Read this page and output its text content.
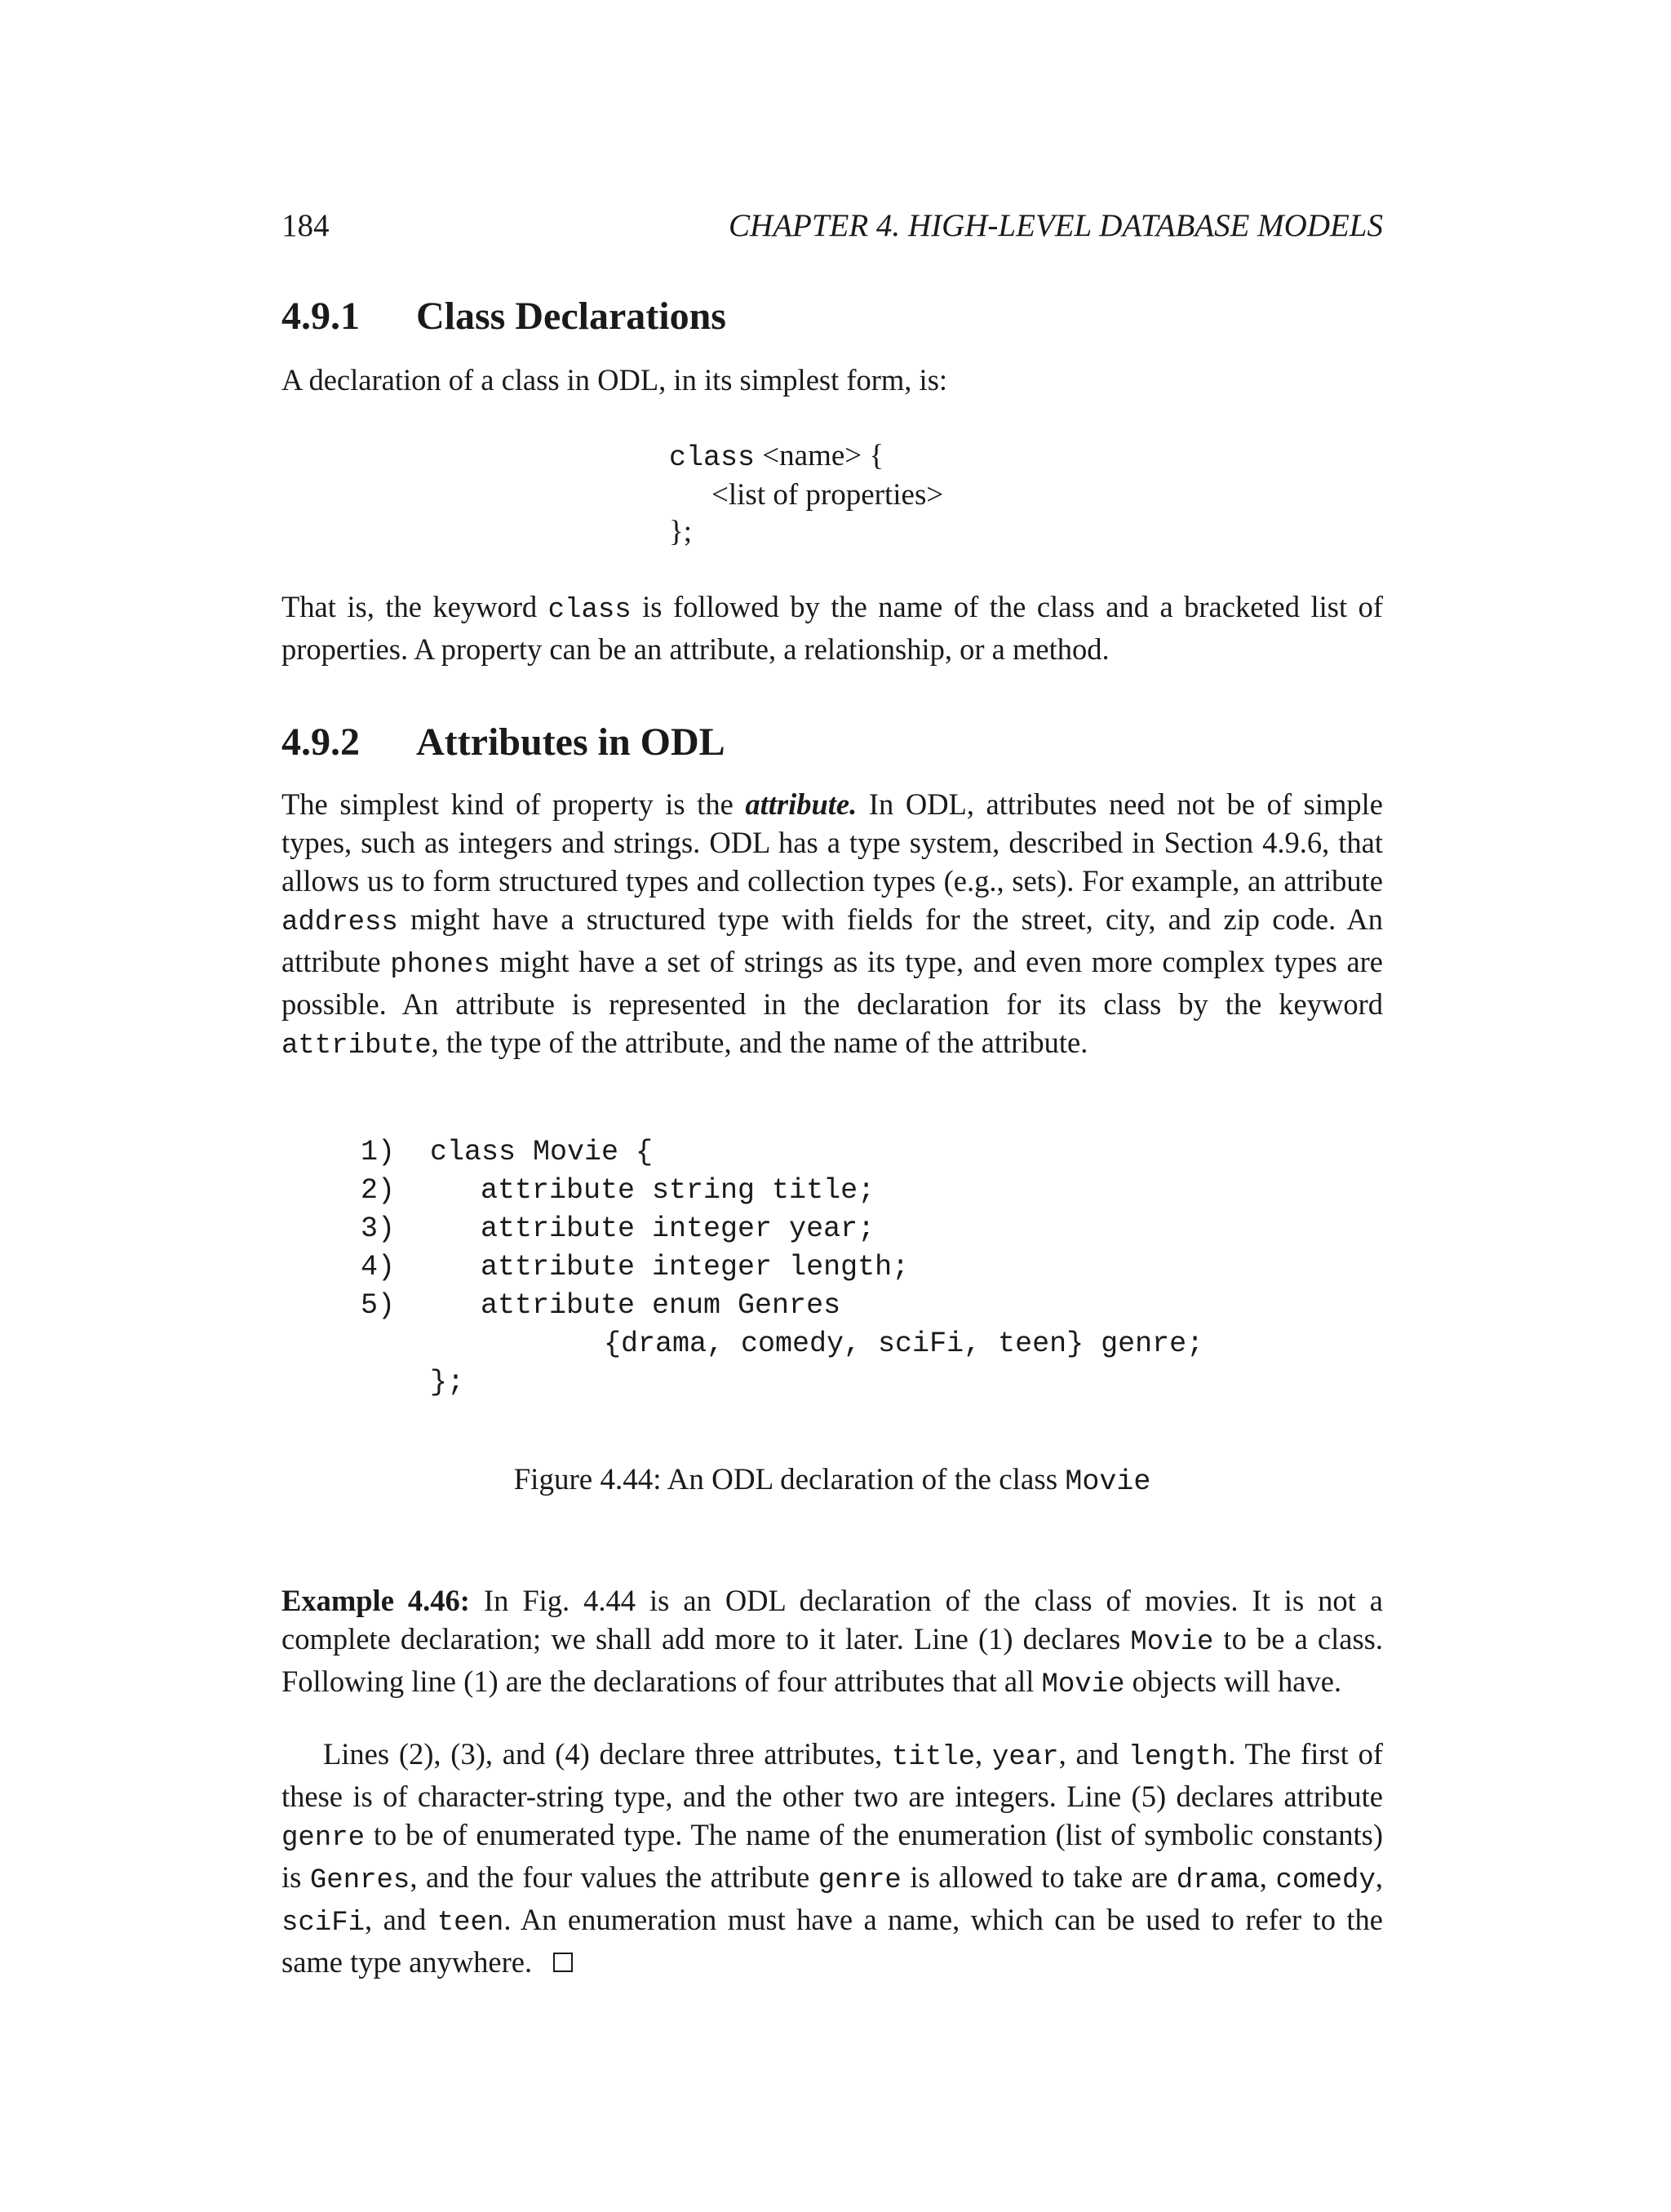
184	CHAPTER 4. HIGH-LEVEL DATABASE MODELS
4.9.1 Class Declarations

A declaration of a class in ODL, in its simplest form, is:

class <name> {
<list of properties>
};

That is, the keyword class is followed by the name of the class and a bracketed list of properties. A property can be an attribute, a relationship, or a method.

4.9.2 Attributes in ODL

The simplest kind of property is the attribute. In ODL, attributes need not be of simple types, such as integers and strings. ODL has a type system, described in Section 4.9.6, that allows us to form structured types and collection types (e.g., sets). For example, an attribute address might have a structured type with fields for the street, city, and zip code. An attribute phones might have a set of strings as its type, and even more complex types are possible. An attribute is represented in the declaration for its class by the keyword attribute, the type of the attribute, and the name of the attribute.

1)	class Movie {
2)	attribute string title;
3)	attribute integer year;
4)	attribute integer length;
5)	attribute enum Genres
{drama, comedy, sciFi, teen} genre;
};
Figure 4.44: An ODL declaration of the class Movie

Example 4.46: In Fig. 4.44 is an ODL declaration of the class of movies. It is not a complete declaration; we shall add more to it later. Line (1) declares Movie to be a class. Following line (1) are the declarations of four attributes that all Movie objects will have.

Lines (2), (3), and (4) declare three attributes, title, year, and length. The first of these is of character-string type, and the other two are integers. Line (5) declares attribute genre to be of enumerated type. The name of the enumeration (list of symbolic constants) is Genres, and the four values the attribute genre is allowed to take are drama, comedy, sciFi, and teen. An enumeration must have a name, which can be used to refer to the same type anywhere.
